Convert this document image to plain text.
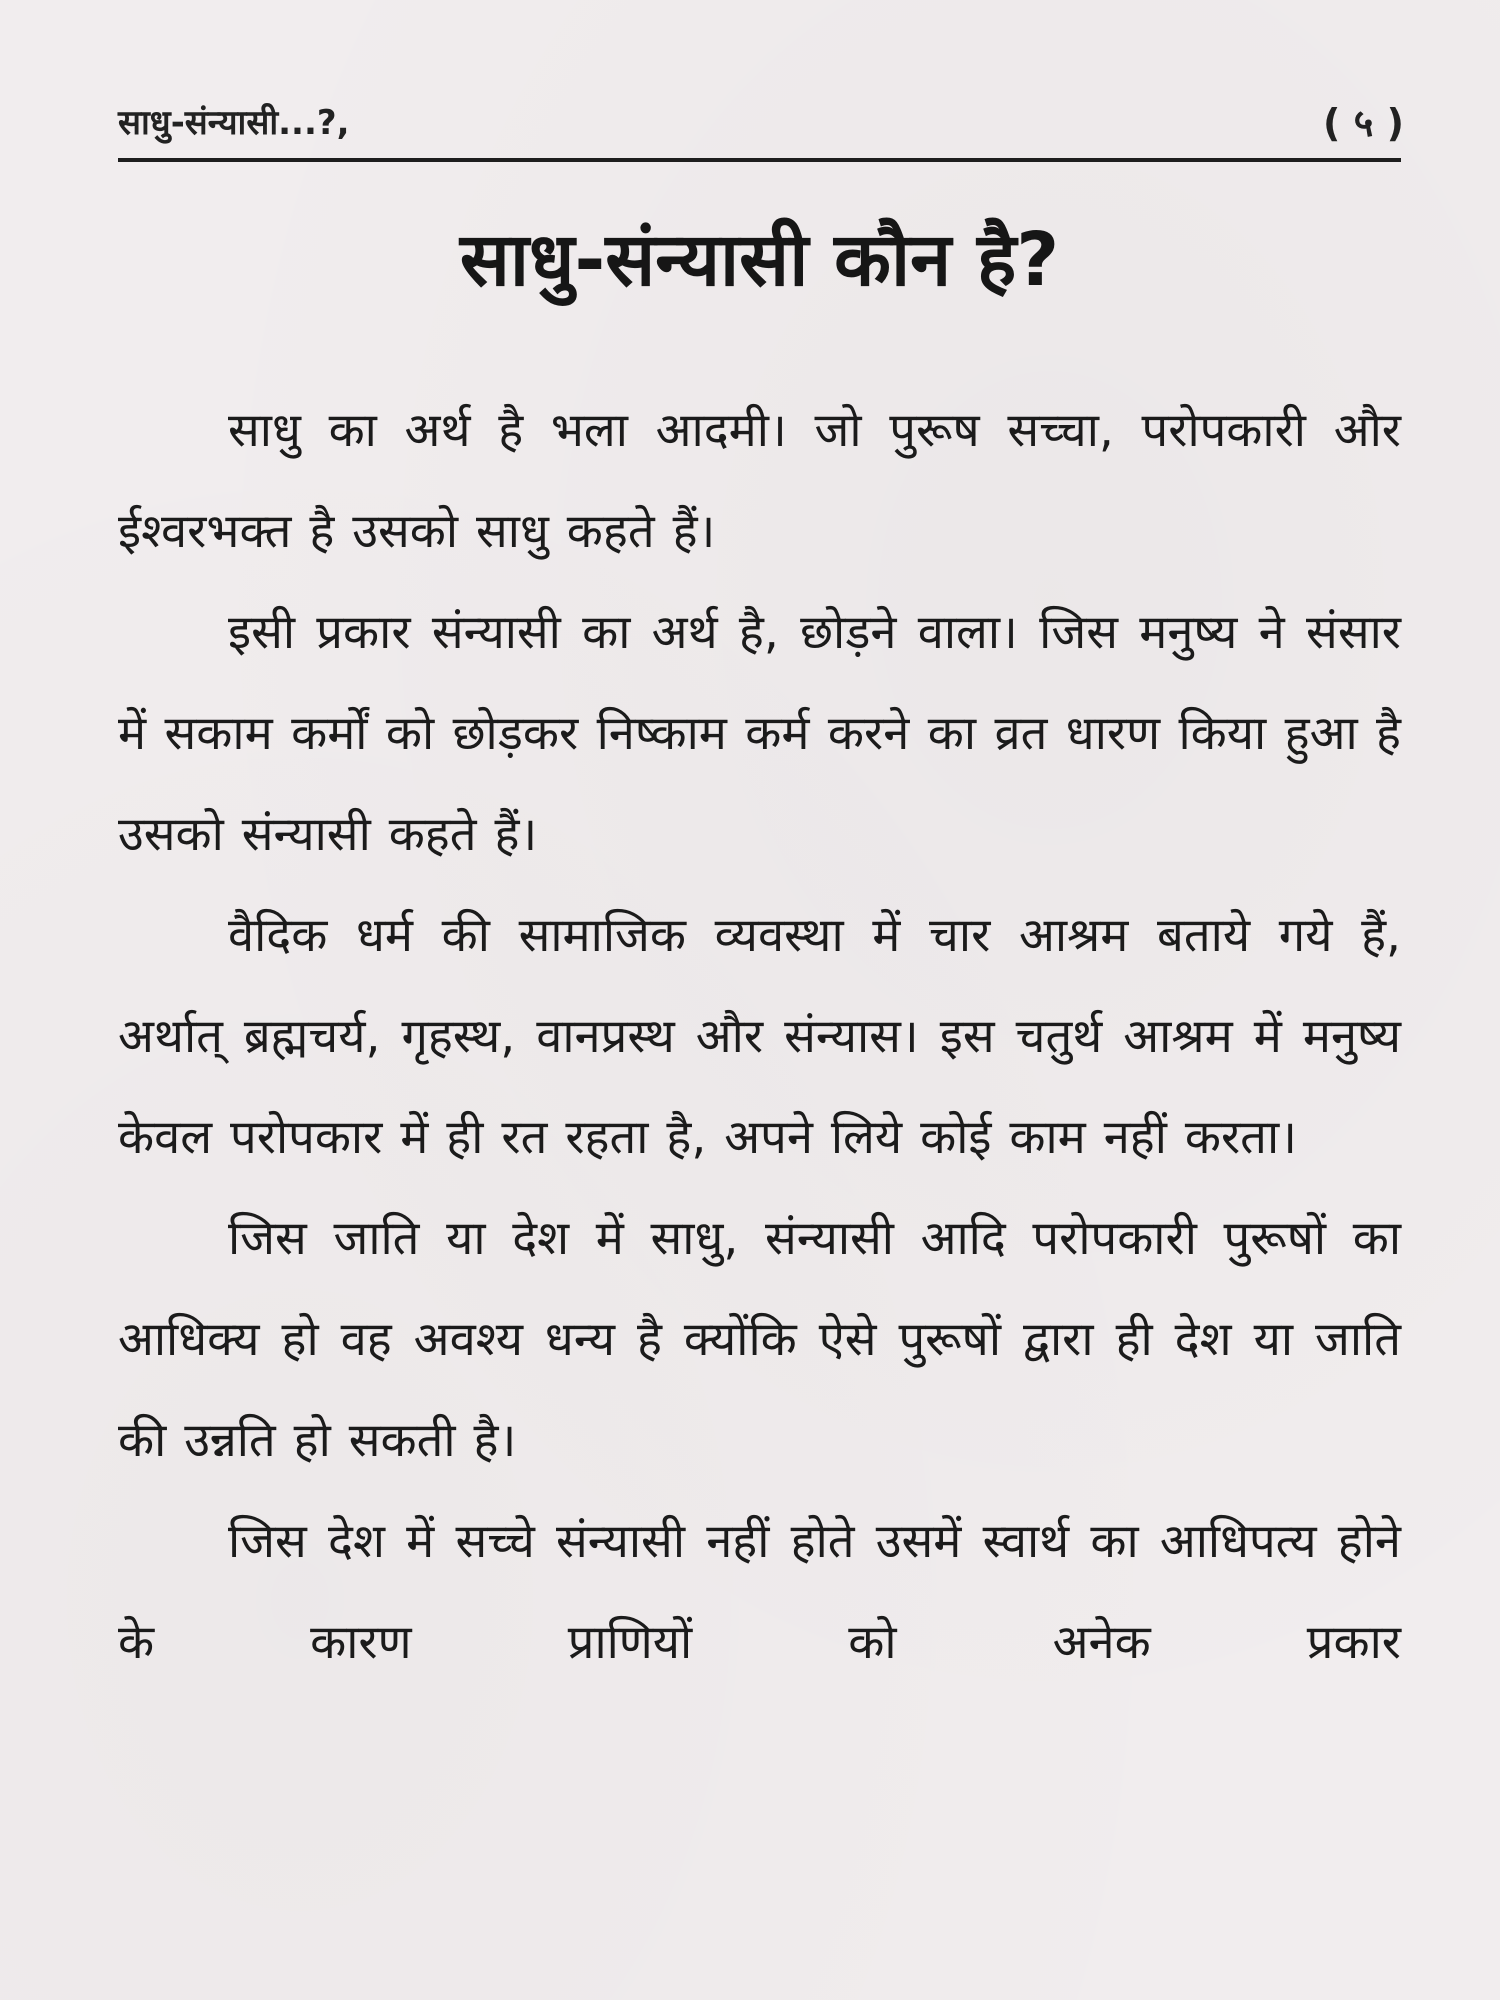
साधु-संन्यासी...?,	( ५ )
साधु-संन्यासी कौन है?

साधु का अर्थ है भला आदमी। जो पुरूष सच्चा, परोपकारी और ईश्वरभक्त है उसको साधु कहते हैं।

इसी प्रकार संन्यासी का अर्थ है, छोड़ने वाला। जिस मनुष्य ने संसार में सकाम कर्मों को छोड़कर निष्काम कर्म करने का व्रत धारण किया हुआ है उसको संन्यासी कहते हैं।

वैदिक धर्म की सामाजिक व्यवस्था में चार आश्रम बताये गये हैं, अर्थात् ब्रह्मचर्य, गृहस्थ, वानप्रस्थ और संन्यास। इस चतुर्थ आश्रम में मनुष्य केवल परोपकार में ही रत रहता है, अपने लिये कोई काम नहीं करता।

जिस जाति या देश में साधु, संन्यासी आदि परोपकारी पुरूषों का आधिक्य हो वह अवश्य धन्य है क्योंकि ऐसे पुरूषों द्वारा ही देश या जाति की उन्नति हो सकती है।

जिस देश में सच्चे संन्यासी नहीं होते उसमें स्वार्थ का आधिपत्य होने के कारण प्राणियों को अनेक प्रकार
